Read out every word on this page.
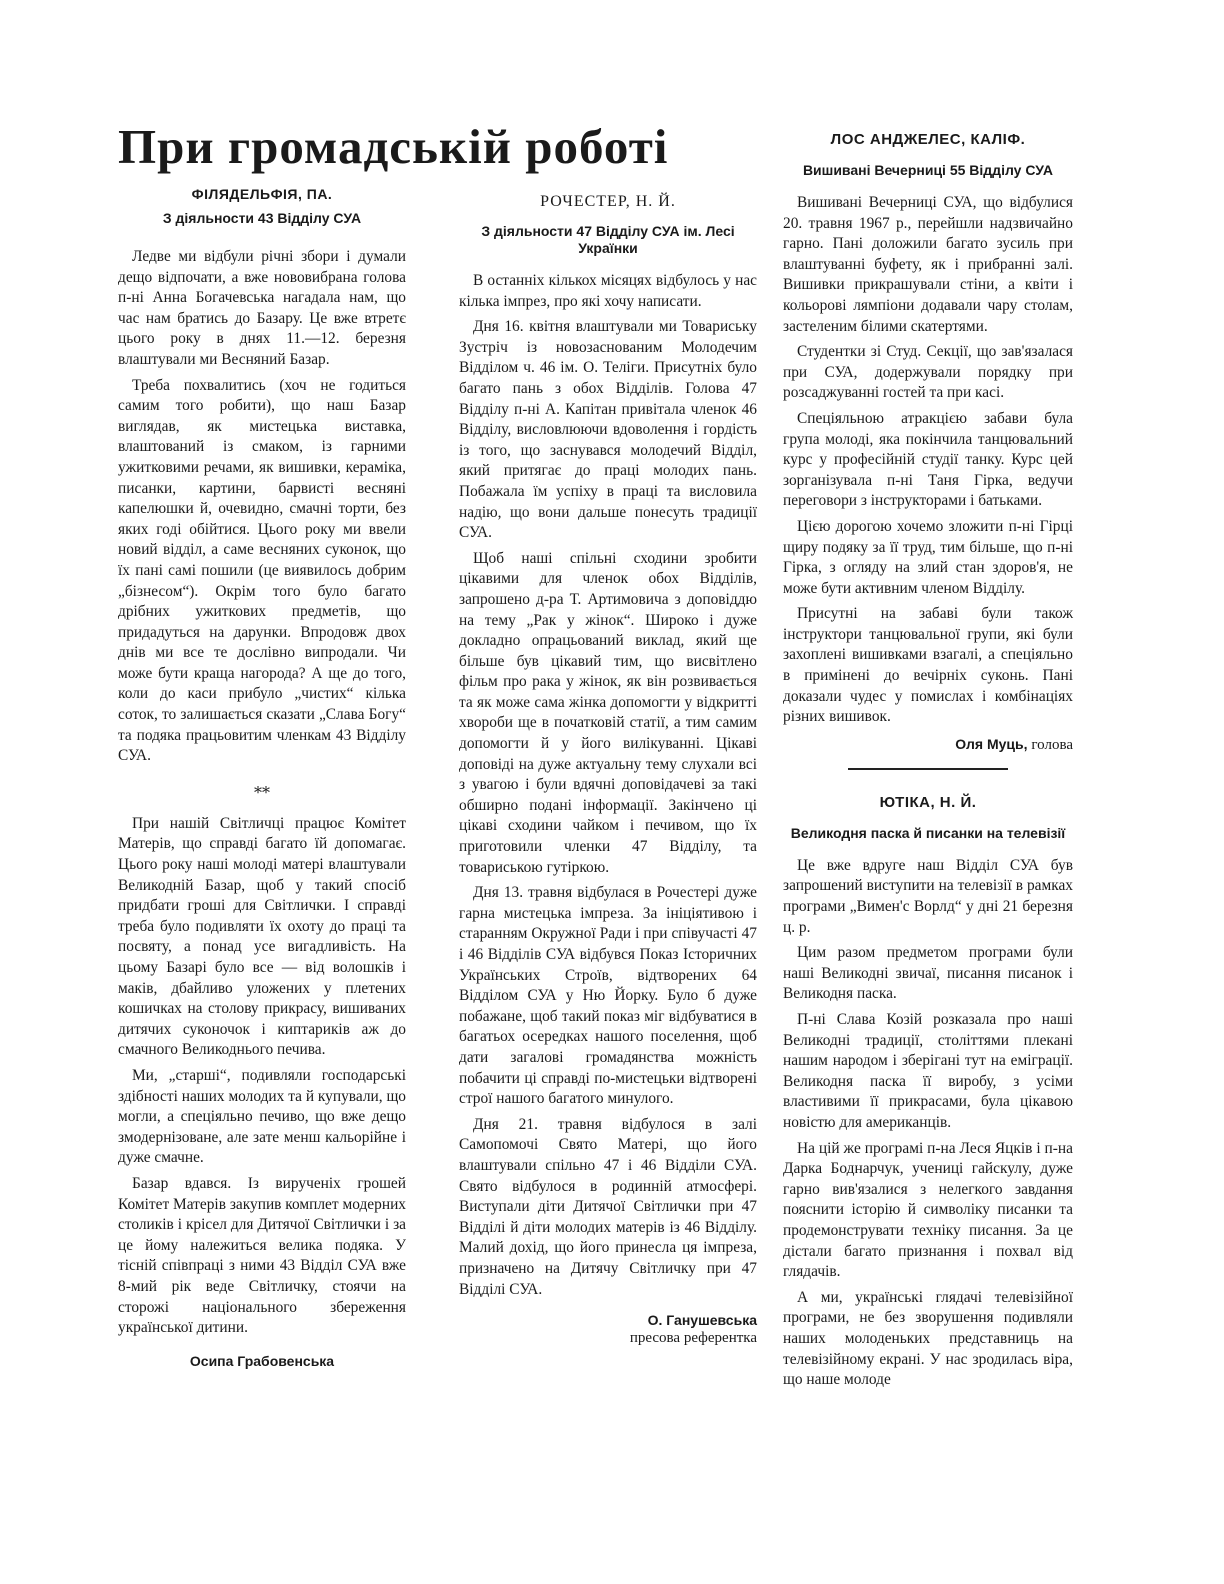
При громадській роботі
ФІЛЯДЕЛЬФІЯ, ПА.
З діяльности 43 Відділу СУА

Ледве ми відбули річні збори і думали дещо відпочати, а вже нововибрана голова п-ні Анна Богачевська нагадала нам, що час нам братись до Базару. Це вже втретє цього року в днях 11.—12. березня влаштували ми Весняний Базар.

Треба похвалитись (хоч не годиться самим того робити), що наш Базар виглядав, як мистецька виставка, влаштований із смаком, із гарними ужитковими речами, як вишивки, кераміка, писанки, картини, барвисті весняні капелюшки й, очевидно, смачні торти, без яких годі обійтися. Цього року ми ввели новий відділ, а саме весняних суконок, що їх пані самі пошили (це виявилось добрим „бізнесом“). Окрім того було багато дрібних ужиткових предметів, що придадуться на дарунки. Впродовж двох днів ми все те дослівно випродали. Чи може бути краща нагорода? А ще до того, коли до каси прибуло „чистих“ кілька соток, то залишається сказати „Слава Богу“ та подяка працьовитим членкам 43 Відділу СУА.

**

При нашій Світличці працює Комітет Матерів, що справді багато їй допомагає. Цього року наші молоді матері влаштували Великодній Базар, щоб у такий спосіб придбати гроші для Світлички. І справді треба було подивляти їх охоту до праці та посвяту, а понад усе вигадливість. На цьому Базарі було все — від волошків і маків, дбайливо уложених у плетених кошичках на столову прикрасу, вишиваних дитячих суконочок і киптариків аж до смачного Великоднього печива.

Ми, „старші“, подивляли господарські здібності наших молодих та й купували, що могли, а спеціяльно печиво, що вже дещо змодернізоване, але зате менш кальорійне і дуже смачне.

Базар вдався. Із вирученіх грошей Комітет Матерів закупив комплет модерних столиків і крісел для Дитячої Світлички і за це йому належиться велика подяка. У тісній співпраці з ними 43 Відділ СУА вже 8-мий рік веде Світличку, стоячи на сторожі національного збереження української дитини.

Осипа Грабовенська
РОЧЕСТЕР, Н. Й.
З діяльности 47 Відділу СУА ім. Лесі Українки

В останніх кількох місяцях відбулось у нас кілька імпрез, про які хочу написати.

Дня 16. квітня влаштували ми Товариську Зустріч із новозаснованим Молодечим Відділом ч. 46 ім. О. Теліги. Присутніх було багато пань з обох Відділів. Голова 47 Відділу п-ні А. Капітан привітала членок 46 Відділу, висловлюючи вдоволення і гордість із того, що заснувався молодечий Відділ, який притягає до праці молодих пань. Побажала їм успіху в праці та висловила надію, що вони дальше понесуть традиції СУА.

Щоб наші спільні сходини зробити цікавими для членок обох Відділів, запрошено д-ра Т. Артимовича з доповіддю на тему „Рак у жінок“. Широко і дуже докладно опрацьований виклад, який ще більше був цікавий тим, що висвітлено фільм про рака у жінок, як він розвивається та як може сама жінка допомогти у відкритті хвороби ще в початковій статії, а тим самим допомогти й у його вилікуванні. Цікаві доповіді на дуже актуальну тему слухали всі з увагою і були вдячні доповідачеві за такі обширно подані інформації. Закінчено ці цікаві сходини чайком і печивом, що їх приготовили членки 47 Відділу, та товариською гутіркою.

Дня 13. травня відбулася в Рочестері дуже гарна мистецька імпреза. За ініціятивою і старанням Окружної Ради і при співучасті 47 і 46 Відділів СУА відбувся Показ Історичних Українських Строїв, відтворених 64 Відділом СУА у Ню Йорку. Було б дуже побажане, щоб такий показ міг відбуватися в багатьох осередках нашого поселення, щоб дати загалові громадянства можність побачити ці справді по-мистецьки відтворені строї нашого багатого минулого.

Дня 21. травня відбулося в залі Самопомочі Свято Матері, що його влаштували спільно 47 і 46 Відділи СУА. Свято відбулося в родинній атмосфері. Виступали діти Дитячої Світлички при 47 Відділі й діти молодих матерів із 46 Відділу. Малий дохід, що його принесла ця імпреза, призначено на Дитячу Світличку при 47 Відділі СУА.

О. Ганушевська
пресова референтка
ЛОС АНДЖЕЛЕС, КАЛІФ.
Вишивані Вечерниці 55 Відділу СУА

Вишивані Вечерниці СУА, що відбулися 20. травня 1967 р., перейшли надзвичайно гарно. Пані доложили багато зусиль при влаштуванні буфету, як і прибранні залі. Вишивки прикрашували стіни, а квіти і кольорові лямпіони додавали чару столам, застеленим білими скатертями.

Студентки зі Студ. Секції, що зав'язалася при СУА, додержували порядку при розсаджуванні гостей та при касі.

Спеціяльною атракцією забави була група молоді, яка покінчила танцювальний курс у професійній студії танку. Курс цей зорганізувала п-ні Таня Гірка, ведучи переговори з інструкторами і батьками.

Цією дорогою хочемо зложити п-ні Гірці щиру подяку за її труд, тим більше, що п-ні Гірка, з огляду на злий стан здоров'я, не може бути активним членом Відділу.

Присутні на забаві були також інструктори танцювальної групи, які були захоплені вишивками взагалі, а спеціяльно в примінені до вечірніх суконь. Пані доказали чудес у помислах і комбінаціях різних вишивок.

Оля Муць, голова
ЮТІКА, Н. Й.
Великодня паска й писанки на телевізії

Це вже вдруге наш Відділ СУА був запрошений виступити на телевізії в рамках програми „Вимен'с Ворлд“ у дні 21 березня ц. р.

Цим разом предметом програми були наші Великодні звичаї, писання писанок і Великодня паска.

П-ні Слава Козій розказала про наші Великодні традиції, століттями плекані нашим народом і зберігані тут на еміграції. Великодня паска її виробу, з усіми властивими її прикрасами, була цікавою новістю для американців.

На цій же програмі п-на Леся Яцків і п-на Дарка Боднарчук, учениці гайскулу, дуже гарно вив'язалися з нелегкого завдання пояснити історію й символіку писанки та продемонструвати техніку писання. За це дістали багато признання і похвал від глядачів.

А ми, українські глядачі телевізійної програми, не без зворушення подивляли наших молоденьких представниць на телевізійному екрані. У нас зродилась віра, що наше молоде
